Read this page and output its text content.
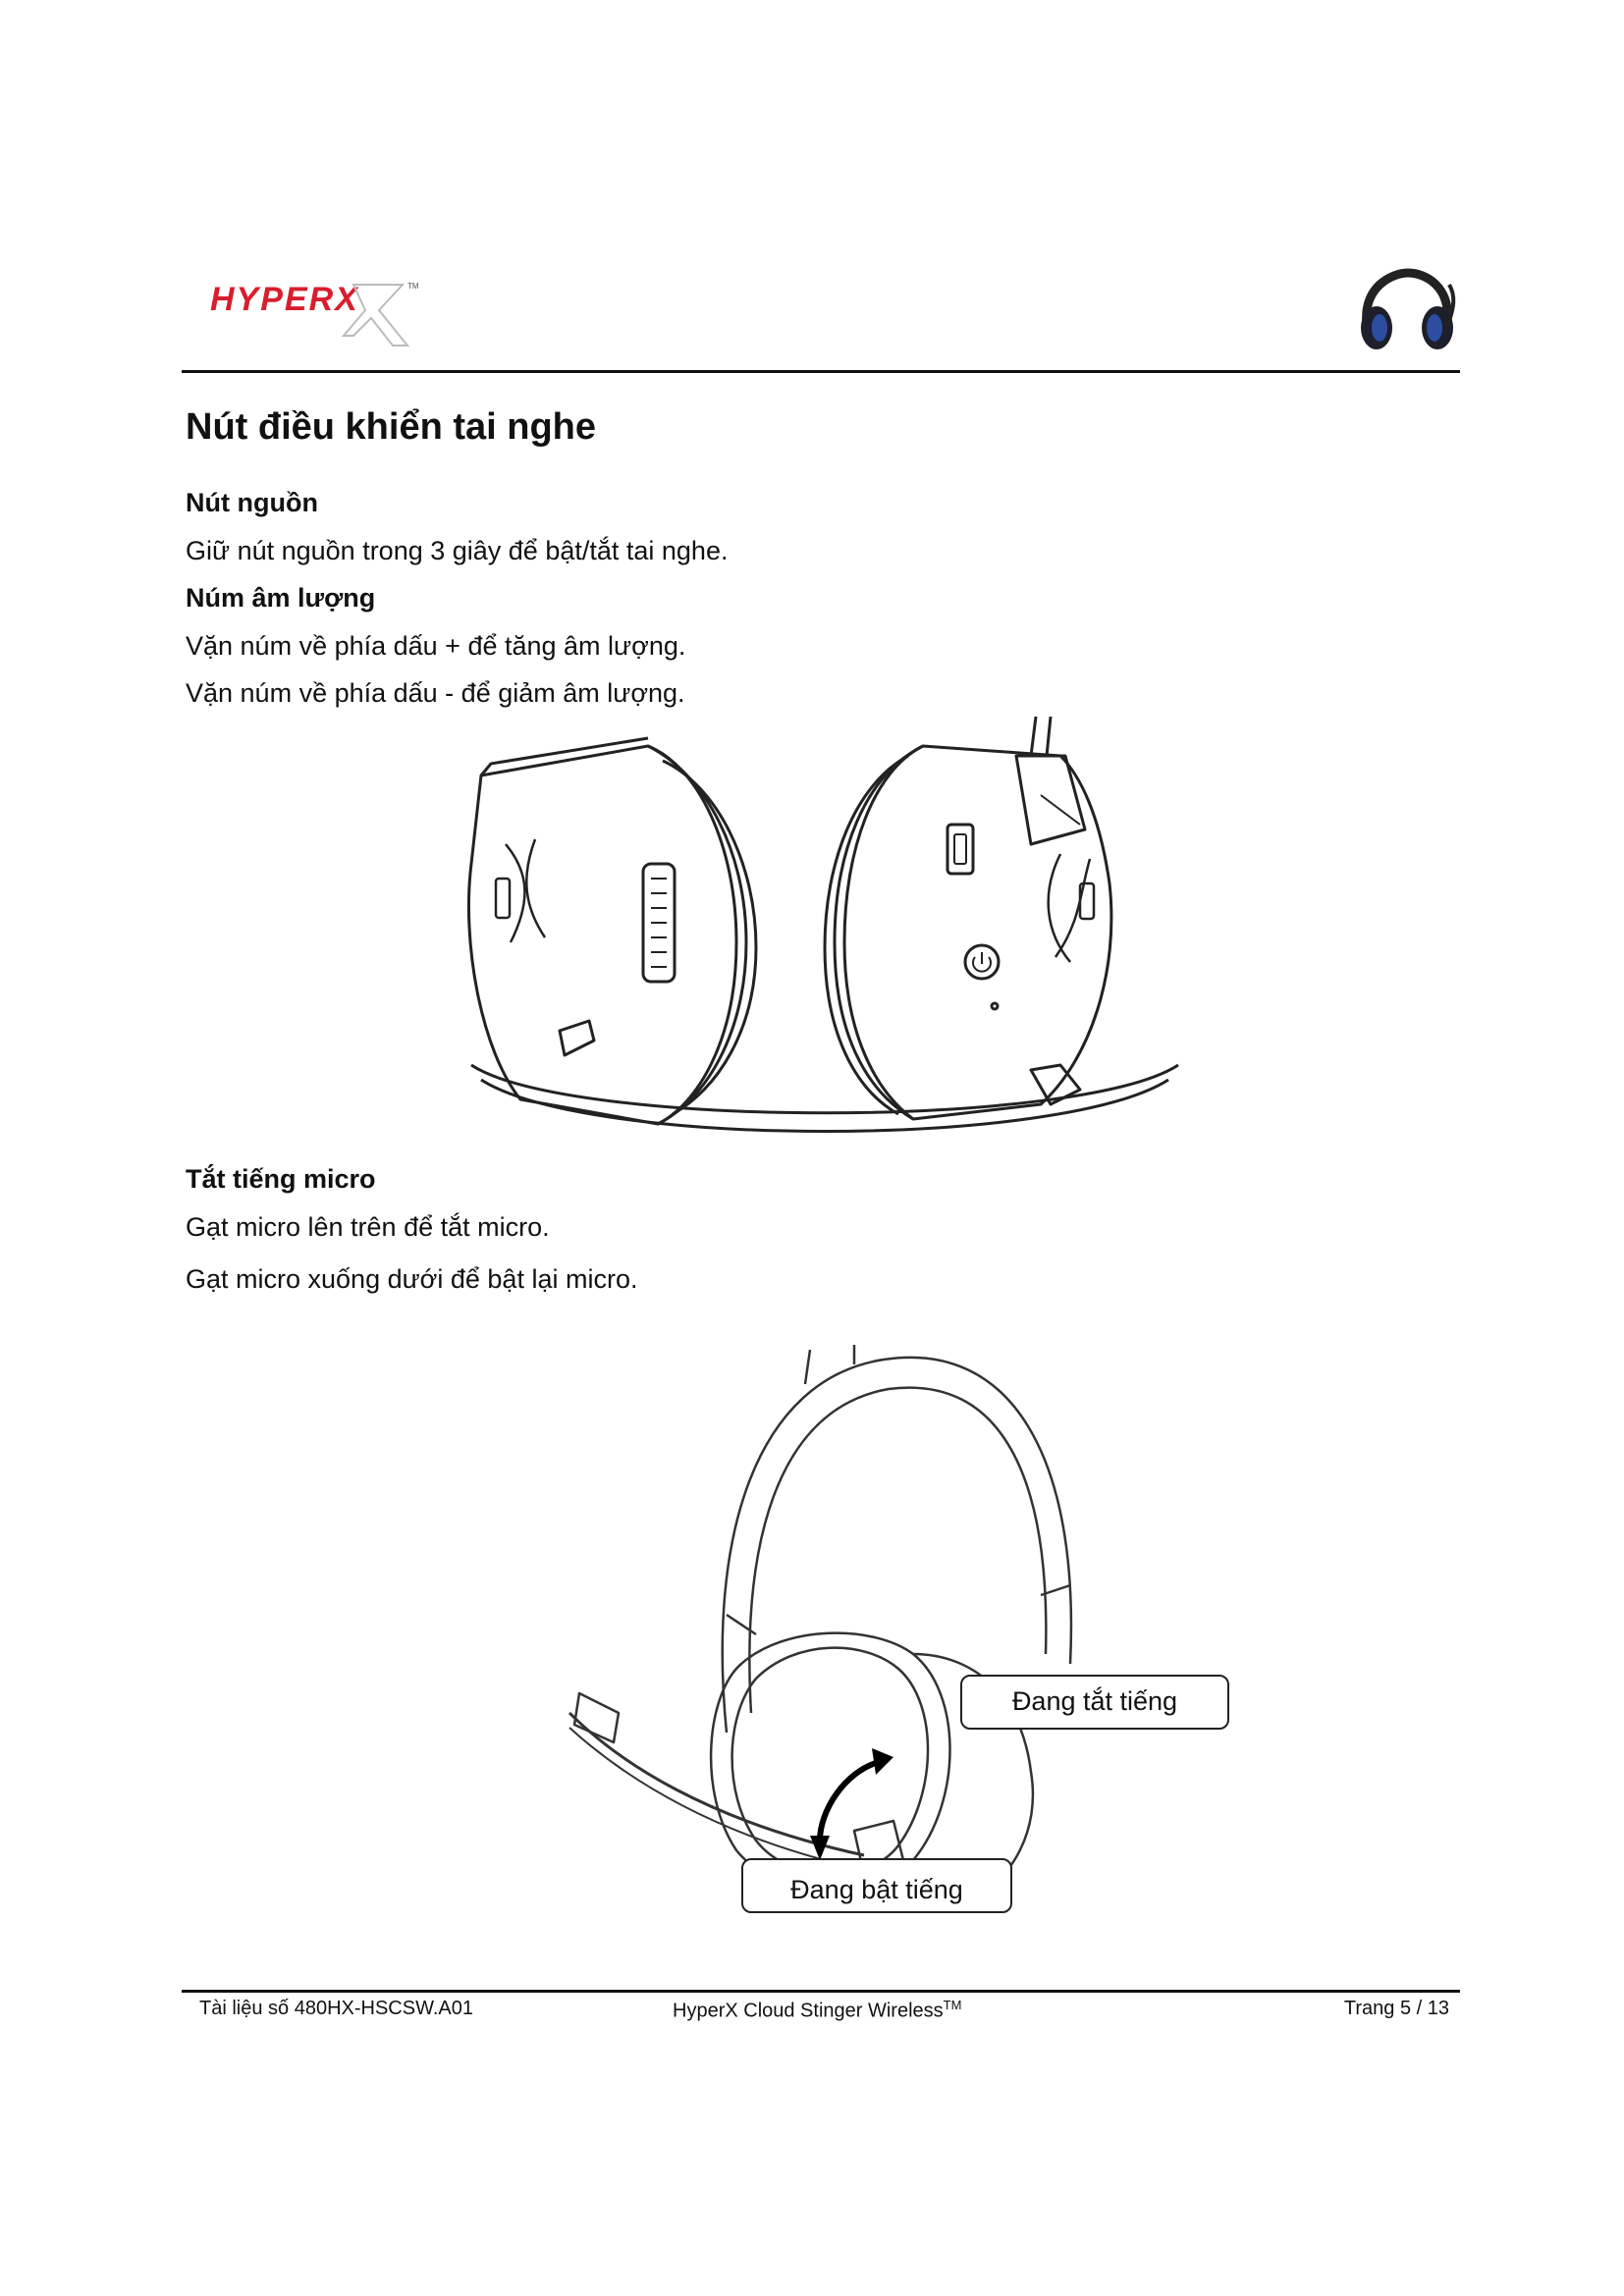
HYPERX	TM
Nút điều khiển tai nghe
Nút nguồn
Giữ nút nguồn trong 3 giây để bật/tắt tai nghe.
Núm âm lượng
Vặn núm về phía dấu + để tăng âm lượng.
Vặn núm về phía dấu - để giảm âm lượng.
Tắt tiếng micro
Gạt micro lên trên để tắt micro.
Gạt micro xuống dưới để bật lại micro.
Đang tắt tiếng
Đang bật tiếng
Tài liệu số 480HX-HSCSW.A01	HyperX Cloud Stinger Wireless™	Trang 5 / 13
